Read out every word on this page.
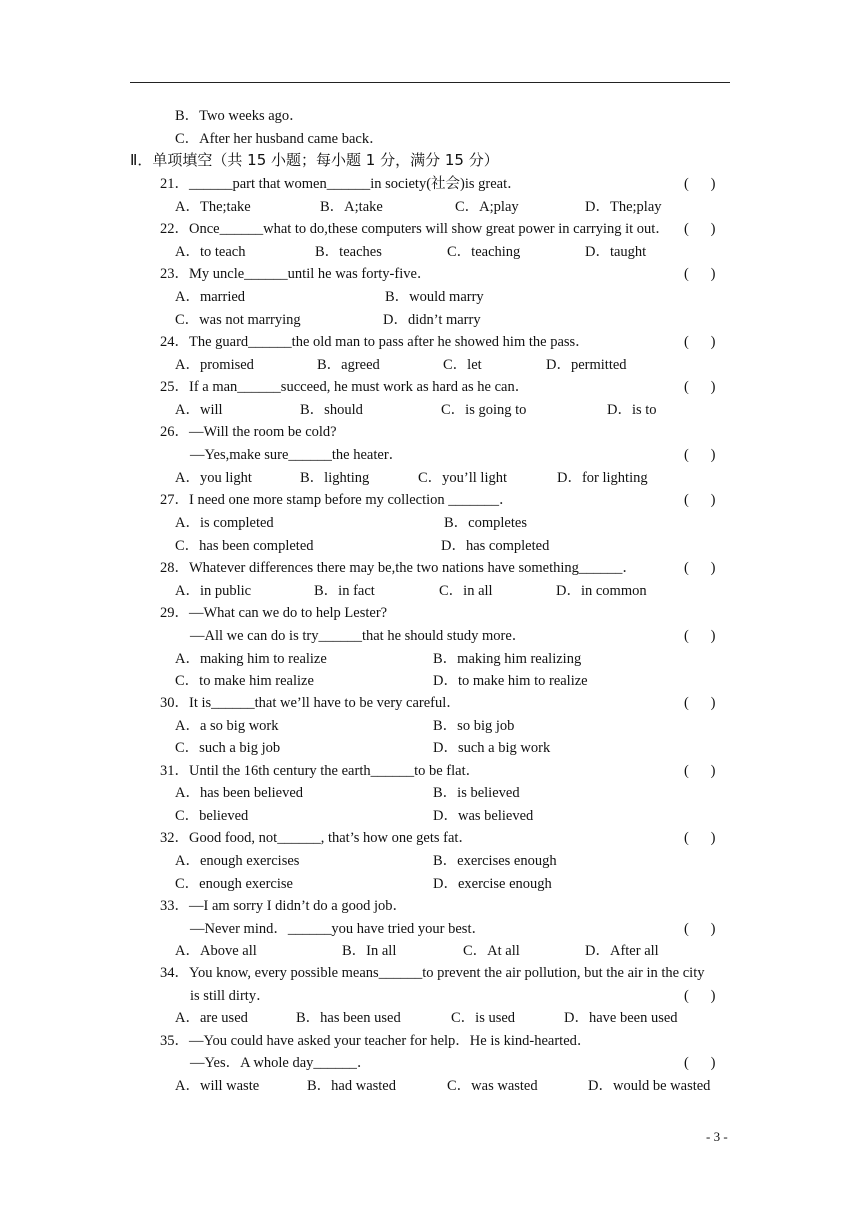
B．Two weeks ago．
C．After her husband came back．
Ⅱ．单项填空（共 15 小题；每小题 1 分，满分 15 分）
21．______part that women______in society(社会)is great．	(      )
A．The;take	B．A;take	C．A;play	D．The;play
22．Once______what to do,these computers will show great power in carrying it out． (      )
A．to teach	B．teaches	C．teaching	D．taught
23．My uncle______until he was forty-five．	(      )
A．married	B．would marry
C．was not marrying	D．didn’t marry
24．The guard______the old man to pass after he showed him the pass．	(      )
A．promised	B．agreed	C．let	D．permitted
25．If a man______succeed, he must work as hard as he can．	(      )
A．will	B．should	C．is going to	D．is to
26．—Will the room be cold?
—Yes,make sure______the heater．	(      )
A．you light	B．lighting	C．you’ll light	D．for lighting
27．I need one more stamp before my collection _______．	(      )
A．is completed	B．completes
C．has been completed	D．has completed
28．Whatever differences there may be,the two nations have something______．	(      )
A．in public	B．in fact	C．in all	D．in common
29．—What can we do to help Lester?
—All we can do is try______that he should study more．	(      )
A．making him to realize	B．making him realizing
C．to make him realize	D．to make him to realize
30．It is______that we’ll have to be very careful．	(      )
A．a so big work	B．so big job
C．such a big job	D．such a big work
31．Until the 16th century the earth______to be flat．	(      )
A．has been believed	B．is believed
C．believed	D．was believed
32．Good food, not______, that’s how one gets fat．	(      )
A．enough exercises	B．exercises enough
C．enough exercise	D．exercise enough
33．—I am sorry I didn’t do a good job．
—Never mind．______you have tried your best．	(      )
A．Above all	B．In all	C．At all	D．After all
34．You know, every possible means______to prevent the air pollution, but the air in the city
is still dirty．	(      )
A．are used	B．has been used	C．is used	D．have been used
35．—You could have asked your teacher for help．He is kind-hearted．
—Yes．A whole day______．	(      )
A．will waste	B．had wasted	C．was wasted	D．would be wasted
- 3 -
